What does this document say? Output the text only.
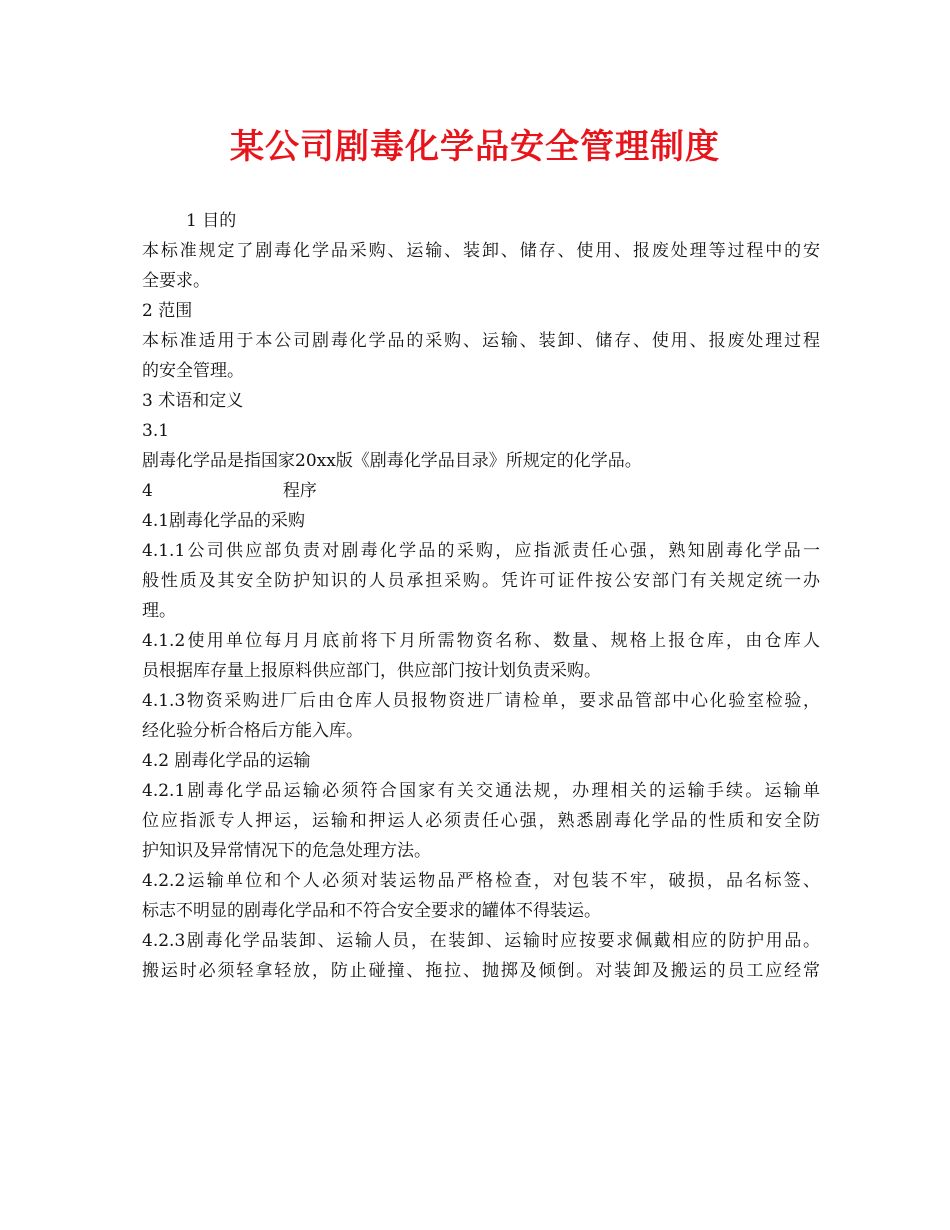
某公司剧毒化学品安全管理制度
1 目的
本标准规定了剧毒化学品采购、运输、装卸、储存、使用、报废处理等过程中的安
全要求。
2 范围
本标准适用于本公司剧毒化学品的采购、运输、装卸、储存、使用、报废处理过程
的安全管理。
3 术语和定义
3.1
剧毒化学品是指国家20xx版《剧毒化学品目录》所规定的化学品。
4	程序
4.1剧毒化学品的采购
4.1.1公司供应部负责对剧毒化学品的采购，应指派责任心强，熟知剧毒化学品一
般性质及其安全防护知识的人员承担采购。凭许可证件按公安部门有关规定统一办
理。
4.1.2使用单位每月月底前将下月所需物资名称、数量、规格上报仓库，由仓库人
员根据库存量上报原料供应部门，供应部门按计划负责采购。
4.1.3物资采购进厂后由仓库人员报物资进厂请检单，要求品管部中心化验室检验，
经化验分析合格后方能入库。
4.2 剧毒化学品的运输
4.2.1剧毒化学品运输必须符合国家有关交通法规，办理相关的运输手续。运输单
位应指派专人押运，运输和押运人必须责任心强，熟悉剧毒化学品的性质和安全防
护知识及异常情况下的危急处理方法。
4.2.2运输单位和个人必须对装运物品严格检查，对包装不牢，破损，品名标签、
标志不明显的剧毒化学品和不符合安全要求的罐体不得装运。
4.2.3剧毒化学品装卸、运输人员，在装卸、运输时应按要求佩戴相应的防护用品。
搬运时必须轻拿轻放，防止碰撞、拖拉、抛掷及倾倒。对装卸及搬运的员工应经常
